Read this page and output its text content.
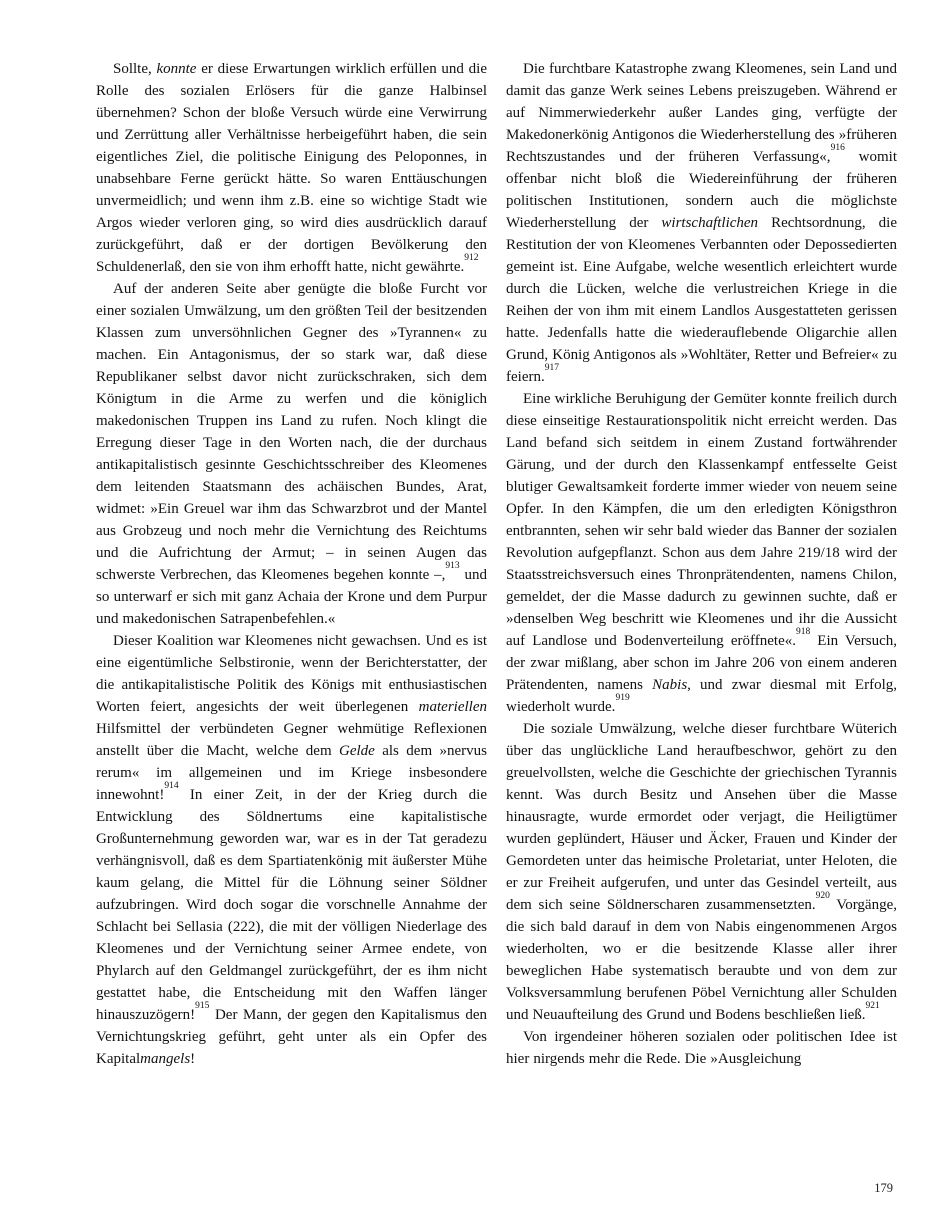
Sollte, konnte er diese Erwartungen wirklich erfüllen und die Rolle des sozialen Erlösers für die ganze Halbinsel übernehmen? Schon der bloße Versuch würde eine Verwirrung und Zerrüttung aller Verhältnisse herbeigeführt haben, die sein eigentliches Ziel, die politische Einigung des Peloponnes, in unabsehbare Ferne gerückt hätte. So waren Enttäuschungen unvermeidlich; und wenn ihm z.B. eine so wichtige Stadt wie Argos wieder verloren ging, so wird dies ausdrücklich darauf zurückgeführt, daß er der dortigen Bevölkerung den Schuldenerlaß, den sie von ihm erhofft hatte, nicht gewährte.$^{912}$

Auf der anderen Seite aber genügte die bloße Furcht vor einer sozialen Umwälzung, um den größten Teil der besitzenden Klassen zum unversöhnlichen Gegner des »Tyrannen« zu machen. Ein Antagonismus, der so stark war, daß diese Republikaner selbst davor nicht zurückschraken, sich dem Königtum in die Arme zu werfen und die königlich makedonischen Truppen ins Land zu rufen. Noch klingt die Erregung dieser Tage in den Worten nach, die der durchaus antikapitalistisch gesinnte Geschichtsschreiber des Kleomenes dem leitenden Staatsmann des achäischen Bundes, Arat, widmet: »Ein Greuel war ihm das Schwarzbrot und der Mantel aus Grobzeug und noch mehr die Vernichtung des Reichtums und die Aufrichtung der Armut; – in seinen Augen das schwerste Verbrechen, das Kleomenes begehen konnte –,$^{913}$ und so unterwarf er sich mit ganz Achaia der Krone und dem Purpur und makedonischen Satrapenbefehlen.«

Dieser Koalition war Kleomenes nicht gewachsen. Und es ist eine eigentümliche Selbstironie, wenn der Berichterstatter, der die antikapitalistische Politik des Königs mit enthusiastischen Worten feiert, angesichts der weit überlegenen materiellen Hilfsmittel der verbündeten Gegner wehmütige Reflexionen anstellt über die Macht, welche dem Gelde als dem »nervus rerum« im allgemeinen und im Kriege insbesondere innewohnt!$^{914}$ In einer Zeit, in der der Krieg durch die Entwicklung des Söldnertums eine kapitalistische Großunternehmung geworden war, war es in der Tat geradezu verhängnisvoll, daß es dem Spartiatenkönig mit äußerster Mühe kaum gelang, die Mittel für die Löhnung seiner Söldner aufzubringen. Wird doch sogar die vorschnelle Annahme der Schlacht bei Sellasia (222), die mit der völligen Niederlage des Kleomenes und der Vernichtung seiner Armee endete, von Phylarch auf den Geldmangel zurückgeführt, der es ihm nicht gestattet habe, die Entscheidung mit den Waffen länger hinauszuzögern!$^{915}$ Der Mann, der gegen den Kapitalismus den Vernichtungskrieg geführt, geht unter als ein Opfer des Kapitalmangels!

Die furchtbare Katastrophe zwang Kleomenes, sein Land und damit das ganze Werk seines Lebens preiszugeben. Während er auf Nimmerwiederkehr außer Landes ging, verfügte der Makedonerkönig Antigonos die Wiederherstellung des »früheren Rechtszustandes und der früheren Verfassung«,$^{916}$ womit offenbar nicht bloß die Wiedereinführung der früheren politischen Institutionen, sondern auch die möglichste Wiederherstellung der wirtschaftlichen Rechtsordnung, die Restitution der von Kleomenes Verbannten oder Depossedierten gemeint ist. Eine Aufgabe, welche wesentlich erleichtert wurde durch die Lücken, welche die verlustreichen Kriege in die Reihen der von ihm mit einem Landlos Ausgestatteten gerissen hatte. Jedenfalls hatte die wiederauflebende Oligarchie allen Grund, König Antigonos als »Wohltäter, Retter und Befreier« zu feiern.$^{917}$

Eine wirkliche Beruhigung der Gemüter konnte freilich durch diese einseitige Restaurationspolitik nicht erreicht werden. Das Land befand sich seitdem in einem Zustand fortwährender Gärung, und der durch den Klassenkampf entfesselte Geist blutiger Gewaltsamkeit forderte immer wieder von neuem seine Opfer. In den Kämpfen, die um den erledigten Königsthron entbrannten, sehen wir sehr bald wieder das Banner der sozialen Revolution aufgepflanzt. Schon aus dem Jahre 219/18 wird der Staatsstreichsversuch eines Thronprätendenten, namens Chilon, gemeldet, der die Masse dadurch zu gewinnen suchte, daß er »denselben Weg beschritt wie Kleomenes und ihr die Aussicht auf Landlose und Bodenverteilung eröffnete«.$^{918}$ Ein Versuch, der zwar mißlang, aber schon im Jahre 206 von einem anderen Prätendenten, namens Nabis, und zwar diesmal mit Erfolg, wiederholt wurde.$^{919}$

Die soziale Umwälzung, welche dieser furchtbare Wüterich über das unglückliche Land heraufbeschwor, gehört zu den greuelvollsten, welche die Geschichte der griechischen Tyrannis kennt. Was durch Besitz und Ansehen über die Masse hinausragte, wurde ermordet oder verjagt, die Heiligtümer wurden geplündert, Häuser und Äcker, Frauen und Kinder der Gemordeten unter das heimische Proletariat, unter Heloten, die er zur Freiheit aufgerufen, und unter das Gesindel verteilt, aus dem sich seine Söldnerscharen zusammensetzten.$^{920}$ Vorgänge, die sich bald darauf in dem von Nabis eingenommenen Argos wiederholten, wo er die besitzende Klasse aller ihrer beweglichen Habe systematisch beraubte und von dem zur Volksversammlung berufenen Pöbel Vernichtung aller Schulden und Neuaufteilung des Grund und Bodens beschließen ließ.$^{921}$

Von irgendeiner höheren sozialen oder politischen Idee ist hier nirgends mehr die Rede. Die »Ausgleichung

179
